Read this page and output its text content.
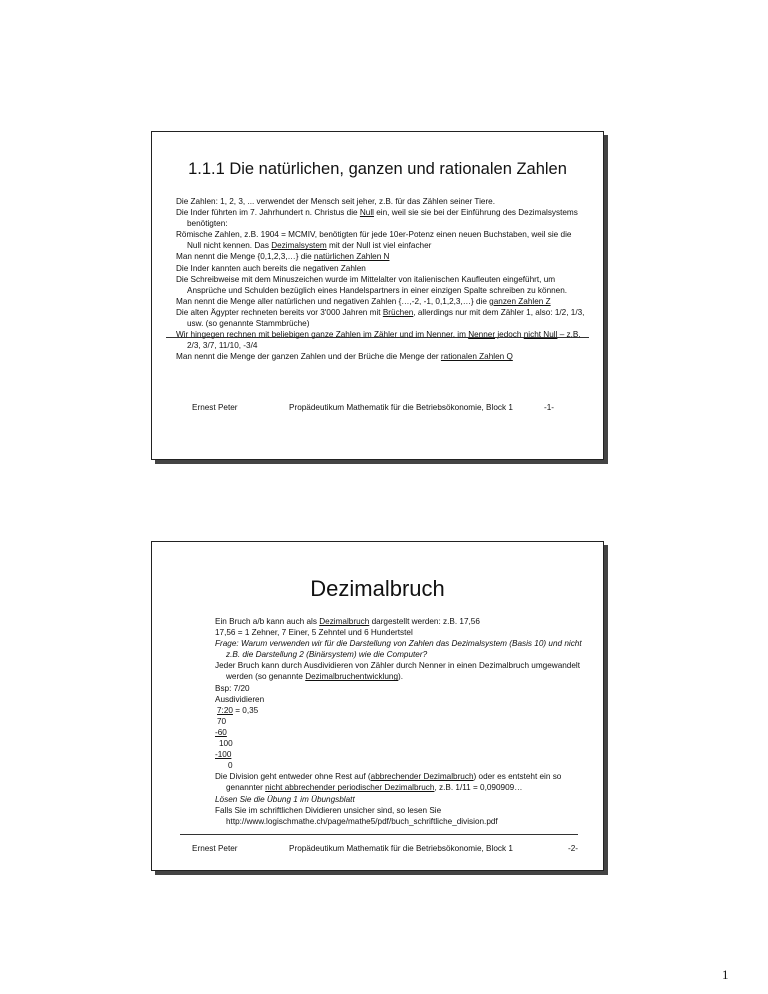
1.1.1 Die natürlichen, ganzen und rationalen Zahlen

Die Zahlen: 1, 2, 3, ... verwendet der Mensch seit jeher, z.B. für das Zählen seiner Tiere.

Die Inder führten im 7. Jahrhundert n. Christus die Null ein, weil sie sie bei der Einführung des Dezimalsystems benötigten:

Römische Zahlen, z.B. 1904 = MCMIV, benötigten für jede 10er-Potenz einen neuen Buchstaben, weil sie die Null nicht kennen. Das Dezimalsystem mit der Null ist viel einfacher

Man nennt die Menge {0,1,2,3,…} die natürlichen Zahlen N

Die Inder kannten auch bereits die negativen Zahlen

Die Schreibweise mit dem Minuszeichen wurde im Mittelalter von italienischen Kaufleuten eingeführt, um Ansprüche und Schulden bezüglich eines Handelspartners in einer einzigen Spalte schreiben zu können.

Man nennt die Menge aller natürlichen und negativen Zahlen {…,-2, -1, 0,1,2,3,…} die ganzen Zahlen Z

Die alten Ägypter rechneten bereits vor 3'000 Jahren mit Brüchen, allerdings nur mit dem Zähler 1, also: 1/2, 1/3, usw. (so genannte Stammbrüche)

Wir hingegen rechnen mit beliebigen ganze Zahlen im Zähler und im Nenner, im Nenner jedoch nicht Null – z.B. 2/3, 3/7, 11/10, -3/4

Man nennt die Menge der ganzen Zahlen und der Brüche die Menge der rationalen Zahlen Q

Ernest Peter	Propädeutikum Mathematik für die Betriebsökonomie, Block 1	-1-
Dezimalbruch

Ein Bruch a/b kann auch als Dezimalbruch dargestellt werden: z.B. 17,56

17,56 = 1 Zehner, 7 Einer, 5 Zehntel und 6 Hundertstel

Frage: Warum verwenden wir für die Darstellung von Zahlen das Dezimalsystem (Basis 10) und nicht z.B. die Darstellung 2 (Binärsystem) wie die Computer?

Jeder Bruch kann durch Ausdividieren von Zähler durch Nenner in einen Dezimalbruch umgewandelt werden (so genannte Dezimalbruchentwicklung).

Bsp: 7/20

Ausdividieren

7:20 = 0,35

70

-60

100

-100

0

Die Division geht entweder ohne Rest auf (abbrechender Dezimalbruch) oder es entsteht ein so genannter nicht abbrechender periodischer Dezimalbruch, z.B. 1/11 = 0,090909…

Lösen Sie die Übung 1 im Übungsblatt

Falls Sie im schriftlichen Dividieren unsicher sind, so lesen Sie http://www.logischmathe.ch/page/mathe5/pdf/buch_schriftliche_division.pdf

Ernest Peter	Propädeutikum Mathematik für die Betriebsökonomie, Block 1	-2-
1
